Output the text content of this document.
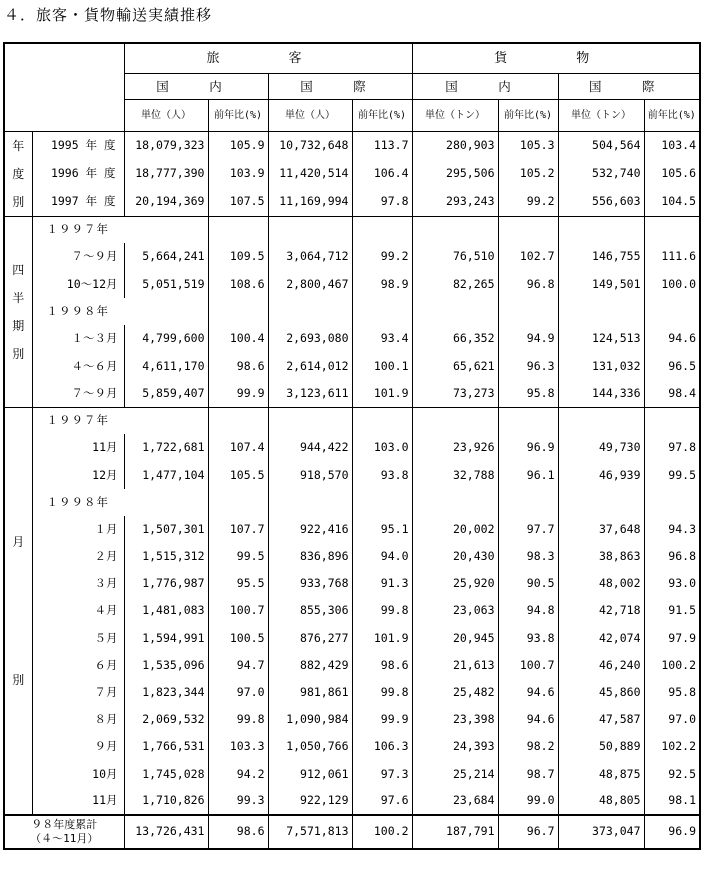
４．旅客・貨物輸送実績推移
		旅　客				貨　物			
		国　内		国　際		国　内		国　際	
		単位（人）	前年比(%)	単位（人）	前年比(%)	単位（トン）	前年比(%)	単位（トン）	前年比(%)

年
度
別	1995 年 度	18,079,323	105.9	10,732,648	113.7	280,903	105.3	504,564	103.4
	1996 年 度	18,777,390	103.9	11,420,514	106.4	295,506	105.2	532,740	105.6
	1997 年 度	20,194,369	107.5	11,169,994	97.8	293,243	99.2	556,603	104.5

四
半
期
別	１９９７年								
	７～９月	5,664,241	109.5	3,064,712	99.2	76,510	102.7	146,755	111.6
	10～12月	5,051,519	108.6	2,800,467	98.9	82,265	96.8	149,501	100.0
	１９９８年								
	１～３月	4,799,600	100.4	2,693,080	93.4	66,352	94.9	124,513	94.6
	４～６月	4,611,170	98.6	2,614,012	100.1	65,621	96.3	131,032	96.5
	７～９月	5,859,407	99.9	3,123,611	101.9	73,273	95.8	144,336	98.4

月
別	１９９７年								
	11月	1,722,681	107.4	944,422	103.0	23,926	96.9	49,730	97.8
	12月	1,477,104	105.5	918,570	93.8	32,788	96.1	46,939	99.5
	１９９８年								
	１月	1,507,301	107.7	922,416	95.1	20,002	97.7	37,648	94.3
	２月	1,515,312	99.5	836,896	94.0	20,430	98.3	38,863	96.8
	３月	1,776,987	95.5	933,768	91.3	25,920	90.5	48,002	93.0
	４月	1,481,083	100.7	855,306	99.8	23,063	94.8	42,718	91.5
	５月	1,594,991	100.5	876,277	101.9	20,945	93.8	42,074	97.9
	６月	1,535,096	94.7	882,429	98.6	21,613	100.7	46,240	100.2
	７月	1,823,344	97.0	981,861	99.8	25,482	94.6	45,860	95.8
	８月	2,069,532	99.8	1,090,984	99.9	23,398	94.6	47,587	97.0
	９月	1,766,531	103.3	1,050,766	106.3	24,393	98.2	50,889	102.2
	10月	1,745,028	94.2	912,061	97.3	25,214	98.7	48,875	92.5
	11月	1,710,826	99.3	922,129	97.6	23,684	99.0	48,805	98.1

９８年度累計
（４～11月）		13,726,431	98.6	7,571,813	100.2	187,791	96.7	373,047	96.9
